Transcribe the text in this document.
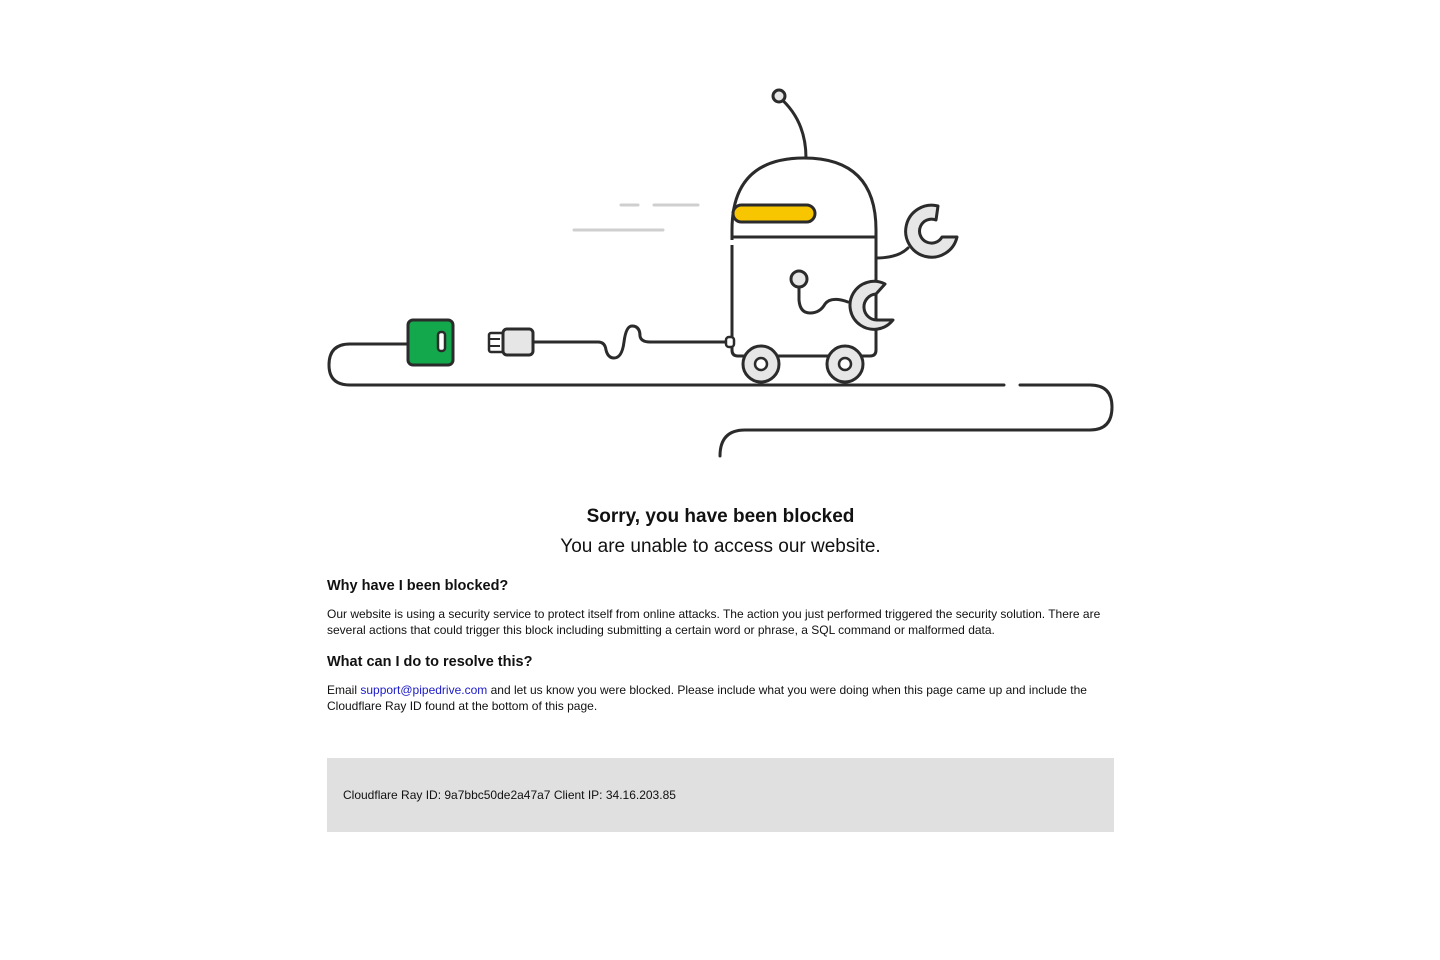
Sorry, you have been blocked

You are unable to access our website.

Why have I been blocked?

Our website is using a security service to protect itself from online attacks. The action you just performed triggered the security solution. There are several actions that could trigger this block including submitting a certain word or phrase, a SQL command or malformed data.

What can I do to resolve this?

Email support@pipedrive.com and let us know you were blocked. Please include what you were doing when this page came up and include the Cloudflare Ray ID found at the bottom of this page.

Cloudflare Ray ID: 9a7bbc50de2a47a7 Client IP: 34.16.203.85
